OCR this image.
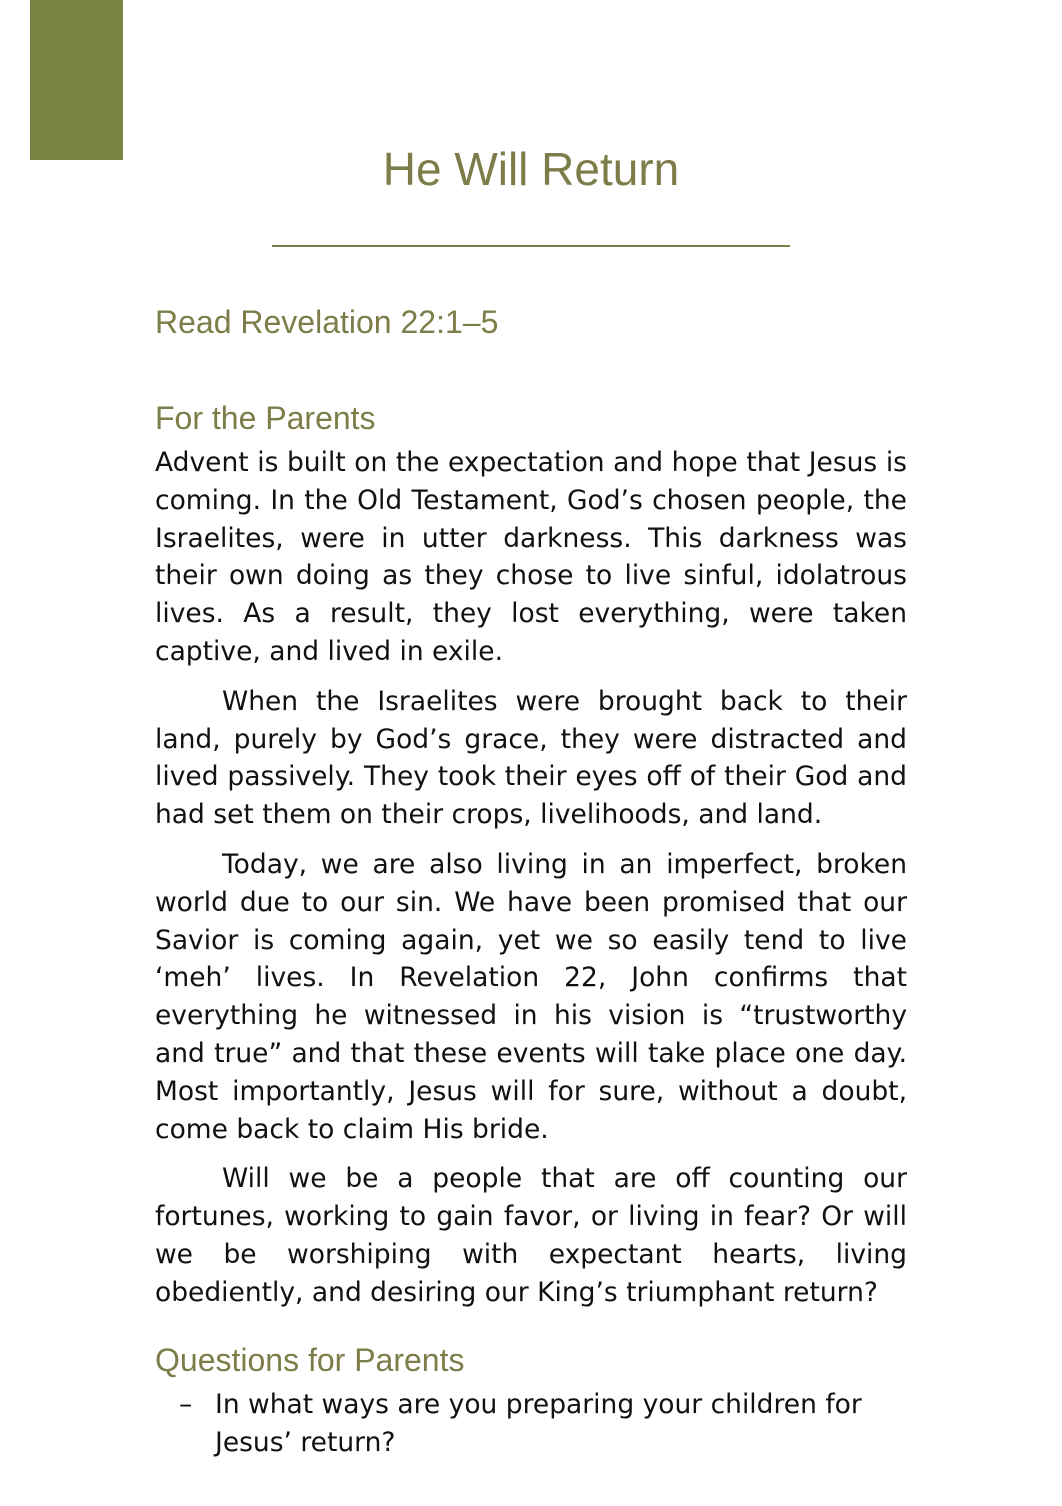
He Will Return
Read Revelation 22:1–5
For the Parents

Advent is built on the expectation and hope that Jesus is coming. In the Old Testament, God’s chosen people, the Israelites, were in utter darkness. This darkness was their own doing as they chose to live sinful, idolatrous lives. As a result, they lost everything, were taken captive, and lived in exile.

When the Israelites were brought back to their land, purely by God’s grace, they were distracted and lived passively. They took their eyes off of their God and had set them on their crops, livelihoods, and land.

Today, we are also living in an imperfect, broken world due to our sin. We have been promised that our Savior is coming again, yet we so easily tend to live ‘meh’ lives. In Revelation 22, John confirms that everything he witnessed in his vision is “trustworthy and true” and that these events will take place one day. Most importantly, Jesus will for sure, without a doubt, come back to claim His bride.

Will we be a people that are off counting our fortunes, working to gain favor, or living in fear? Or will we be worshiping with expectant hearts, living obediently, and desiring our King’s triumphant return?

Questions for Parents
– In what ways are you preparing your children for Jesus’ return?
